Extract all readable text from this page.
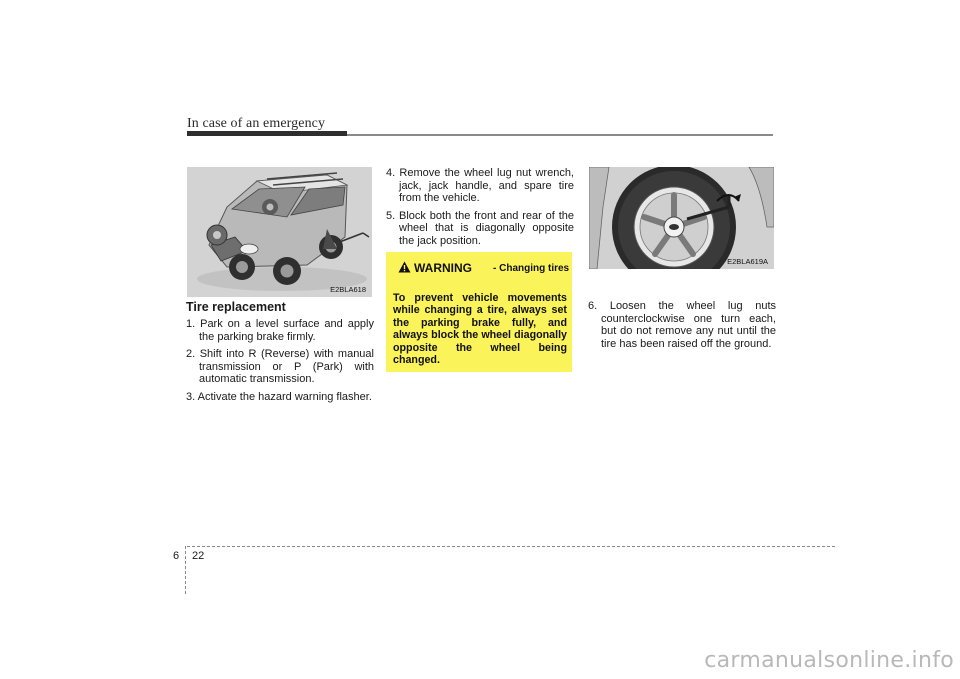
In case of an emergency
E2BLA618
Tire replacement
1. Park on a level surface and apply the parking brake firmly.
2. Shift into R (Reverse) with manual transmission or P (Park) with automatic transmission.
3. Activate the hazard warning flasher.
4. Remove the wheel lug nut wrench, jack, jack handle, and spare tire from the vehicle.
5. Block both the front and rear of the wheel that is diagonally opposite the jack position.
WARNING - Changing tires
To prevent vehicle movements while changing a tire, always set the parking brake fully, and always block the wheel diagonally opposite the wheel being changed.
E2BLA619A
6. Loosen the wheel lug nuts counterclockwise one turn each, but do not remove any nut until the tire has been raised off the ground.
6 22
carmanualsonline.info
